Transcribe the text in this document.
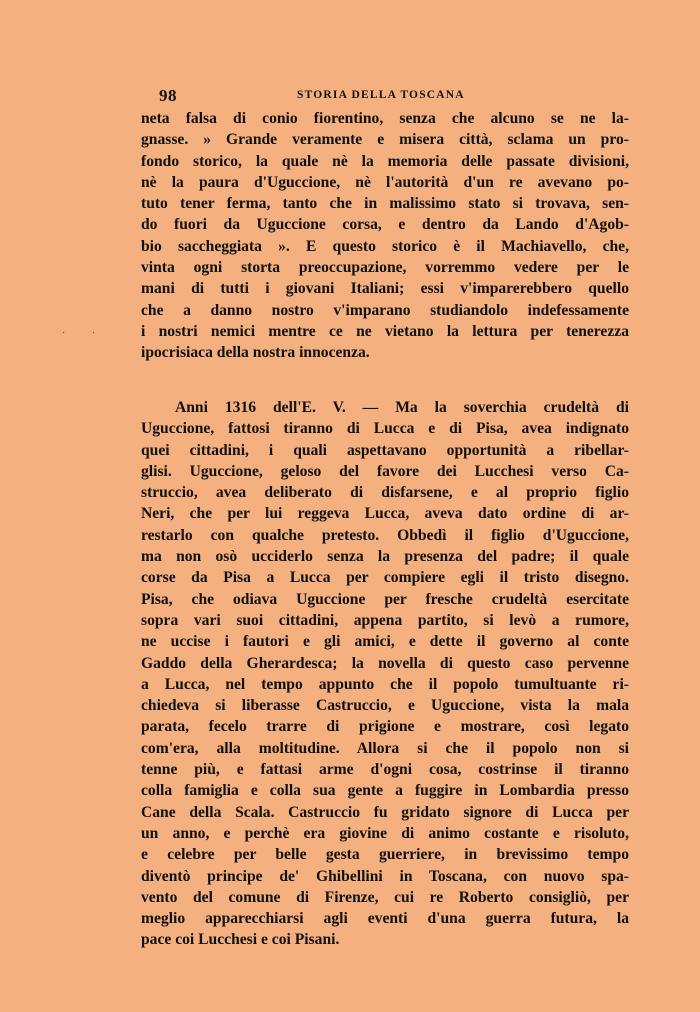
98	STORIA DELLA TOSCANA
· ·
neta falsa di conio fiorentino, senza che alcuno se ne la-
gnasse. » Grande veramente e misera città, sclama un pro-
fondo storico, la quale nè la memoria delle passate divisioni,
nè la paura d'Uguccione, nè l'autorità d'un re avevano po-
tuto tener ferma, tanto che in malissimo stato si trovava, sen-
do fuori da Uguccione corsa, e dentro da Lando d'Agob-
bio saccheggiata ». E questo storico è il Machiavello, che,
vinta ogni storta preoccupazione, vorremmo vedere per le
mani di tutti i giovani Italiani; essi v'imparerebbero quello
che a danno nostro v'imparano studiandolo indefessamente
i nostri nemici mentre ce ne vietano la lettura per tenerezza
ipocrisiaca della nostra innocenza.
Anni 1316 dell'E. V. — Ma la soverchia crudeltà di
Uguccione, fattosi tiranno di Lucca e di Pisa, avea indignato
quei cittadini, i quali aspettavano opportunità a ribellar-
glisi. Uguccione, geloso del favore dei Lucchesi verso Ca-
struccio, avea deliberato di disfarsene, e al proprio figlio
Neri, che per lui reggeva Lucca, aveva dato ordine di ar-
restarlo con qualche pretesto. Obbedì il figlio d'Uguccione,
ma non osò ucciderlo senza la presenza del padre; il quale
corse da Pisa a Lucca per compiere egli il tristo disegno.
Pisa, che odiava Uguccione per fresche crudeltà esercitate
sopra vari suoi cittadini, appena partito, si levò a rumore,
ne uccise i fautori e gli amici, e dette il governo al conte
Gaddo della Gherardesca; la novella di questo caso pervenne
a Lucca, nel tempo appunto che il popolo tumultuante ri-
chiedeva si liberasse Castruccio, e Uguccione, vista la mala
parata, fecelo trarre di prigione e mostrare, così legato
com'era, alla moltitudine. Allora si che il popolo non si
tenne più, e fattasi arme d'ogni cosa, costrinse il tiranno
colla famiglia e colla sua gente a fuggire in Lombardia presso
Cane della Scala. Castruccio fu gridato signore di Lucca per
un anno, e perchè era giovine di animo costante e risoluto,
e celebre per belle gesta guerriere, in brevissimo tempo
diventò principe de' Ghibellini in Toscana, con nuovo spa-
vento del comune di Firenze, cui re Roberto consigliò, per
meglio apparecchiarsi agli eventi d'una guerra futura, la
pace coi Lucchesi e coi Pisani.
